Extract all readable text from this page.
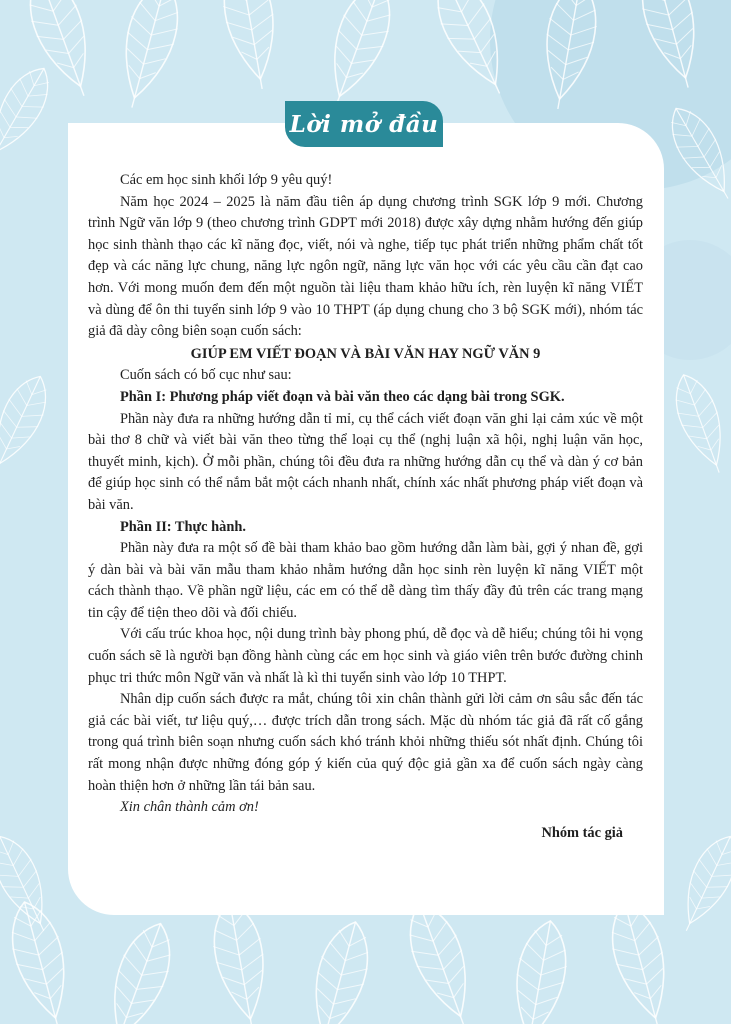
Lời mở đầu

Các em học sinh khối lớp 9 yêu quý!

Năm học 2024 – 2025 là năm đầu tiên áp dụng chương trình SGK lớp 9 mới. Chương trình Ngữ văn lớp 9 (theo chương trình GDPT mới 2018) được xây dựng nhằm hướng đến giúp học sinh thành thạo các kĩ năng đọc, viết, nói và nghe, tiếp tục phát triển những phẩm chất tốt đẹp và các năng lực chung, năng lực ngôn ngữ, năng lực văn học với các yêu cầu cần đạt cao hơn. Với mong muốn đem đến một nguồn tài liệu tham khảo hữu ích, rèn luyện kĩ năng VIẾT và dùng để ôn thi tuyển sinh lớp 9 vào 10 THPT (áp dụng chung cho 3 bộ SGK mới), nhóm tác giả đã dày công biên soạn cuốn sách:

GIÚP EM VIẾT ĐOẠN VÀ BÀI VĂN HAY NGỮ VĂN 9

Cuốn sách có bố cục như sau:

Phần I: Phương pháp viết đoạn và bài văn theo các dạng bài trong SGK.

Phần này đưa ra những hướng dẫn tỉ mỉ, cụ thể cách viết đoạn văn ghi lại cảm xúc về một bài thơ 8 chữ và viết bài văn theo từng thể loại cụ thể (nghị luận xã hội, nghị luận văn học, thuyết minh, kịch). Ở mỗi phần, chúng tôi đều đưa ra những hướng dẫn cụ thể và dàn ý cơ bản để giúp học sinh có thể nắm bắt một cách nhanh nhất, chính xác nhất phương pháp viết đoạn và bài văn.

Phần II: Thực hành.

Phần này đưa ra một số đề bài tham khảo bao gồm hướng dẫn làm bài, gợi ý nhan đề, gợi ý dàn bài và bài văn mẫu tham khảo nhằm hướng dẫn học sinh rèn luyện kĩ năng VIẾT một cách thành thạo. Về phần ngữ liệu, các em có thể dễ dàng tìm thấy đầy đủ trên các trang mạng tin cậy để tiện theo dõi và đối chiếu.

Với cấu trúc khoa học, nội dung trình bày phong phú, dễ đọc và dễ hiểu; chúng tôi hi vọng cuốn sách sẽ là người bạn đồng hành cùng các em học sinh và giáo viên trên bước đường chinh phục tri thức môn Ngữ văn và nhất là kì thi tuyển sinh vào lớp 10 THPT.

Nhân dịp cuốn sách được ra mắt, chúng tôi xin chân thành gửi lời cảm ơn sâu sắc đến tác giả các bài viết, tư liệu quý,… được trích dẫn trong sách. Mặc dù nhóm tác giả đã rất cố gắng trong quá trình biên soạn nhưng cuốn sách khó tránh khỏi những thiếu sót nhất định. Chúng tôi rất mong nhận được những đóng góp ý kiến của quý độc giả gần xa để cuốn sách ngày càng hoàn thiện hơn ở những lần tái bản sau.

Xin chân thành cảm ơn!

Nhóm tác giả
